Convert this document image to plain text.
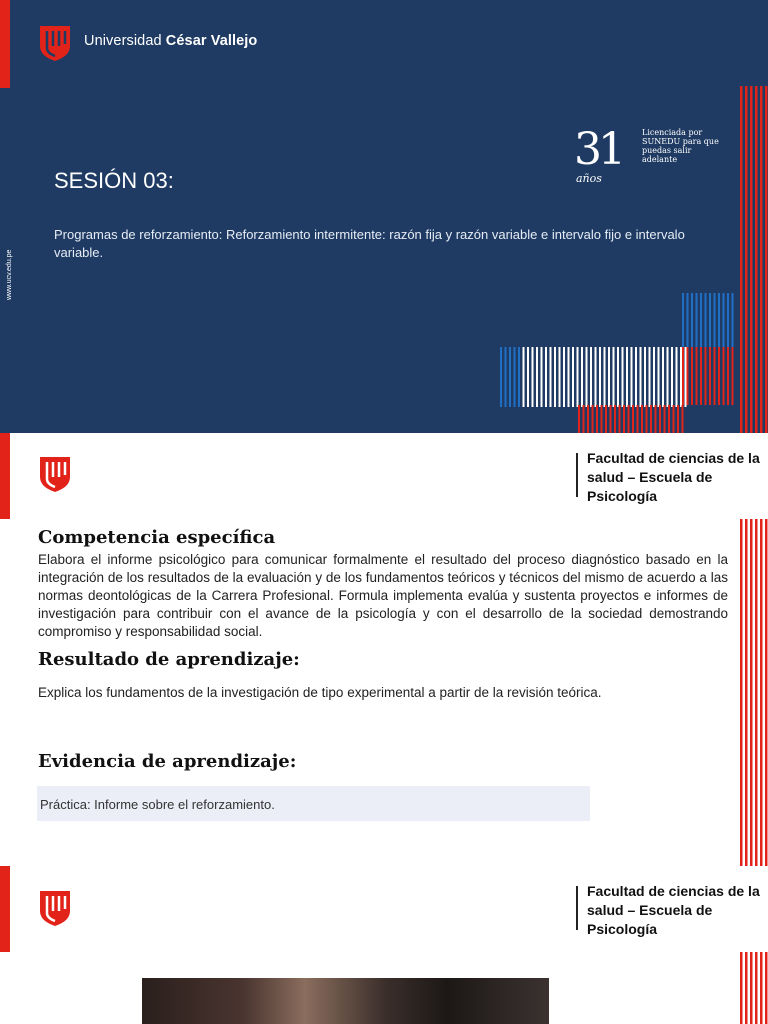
Universidad César Vallejo
SESIÓN 03:
Programas de reforzamiento: Reforzamiento intermitente: razón fija y razón variable e intervalo fijo e intervalo variable.
www.ucv.edu.pe
31
años
Licenciada por SUNEDU para que puedas salir adelante
Facultad de ciencias de la salud – Escuela de Psicología
Competencia específica
Elabora el informe psicológico para comunicar formalmente el resultado del proceso diagnóstico basado en la integración de los resultados de la evaluación y de los fundamentos teóricos y técnicos del mismo de acuerdo a las normas deontológicas de la Carrera Profesional. Formula implementa evalúa y sustenta proyectos e informes de investigación para contribuir con el avance de la psicología y con el desarrollo de la sociedad demostrando compromiso y responsabilidad social.
Resultado de aprendizaje:
Explica los fundamentos de la investigación de tipo experimental a partir de la revisión teórica.
Evidencia de aprendizaje:
Práctica: Informe sobre el reforzamiento.
Facultad de ciencias de la salud – Escuela de Psicología
